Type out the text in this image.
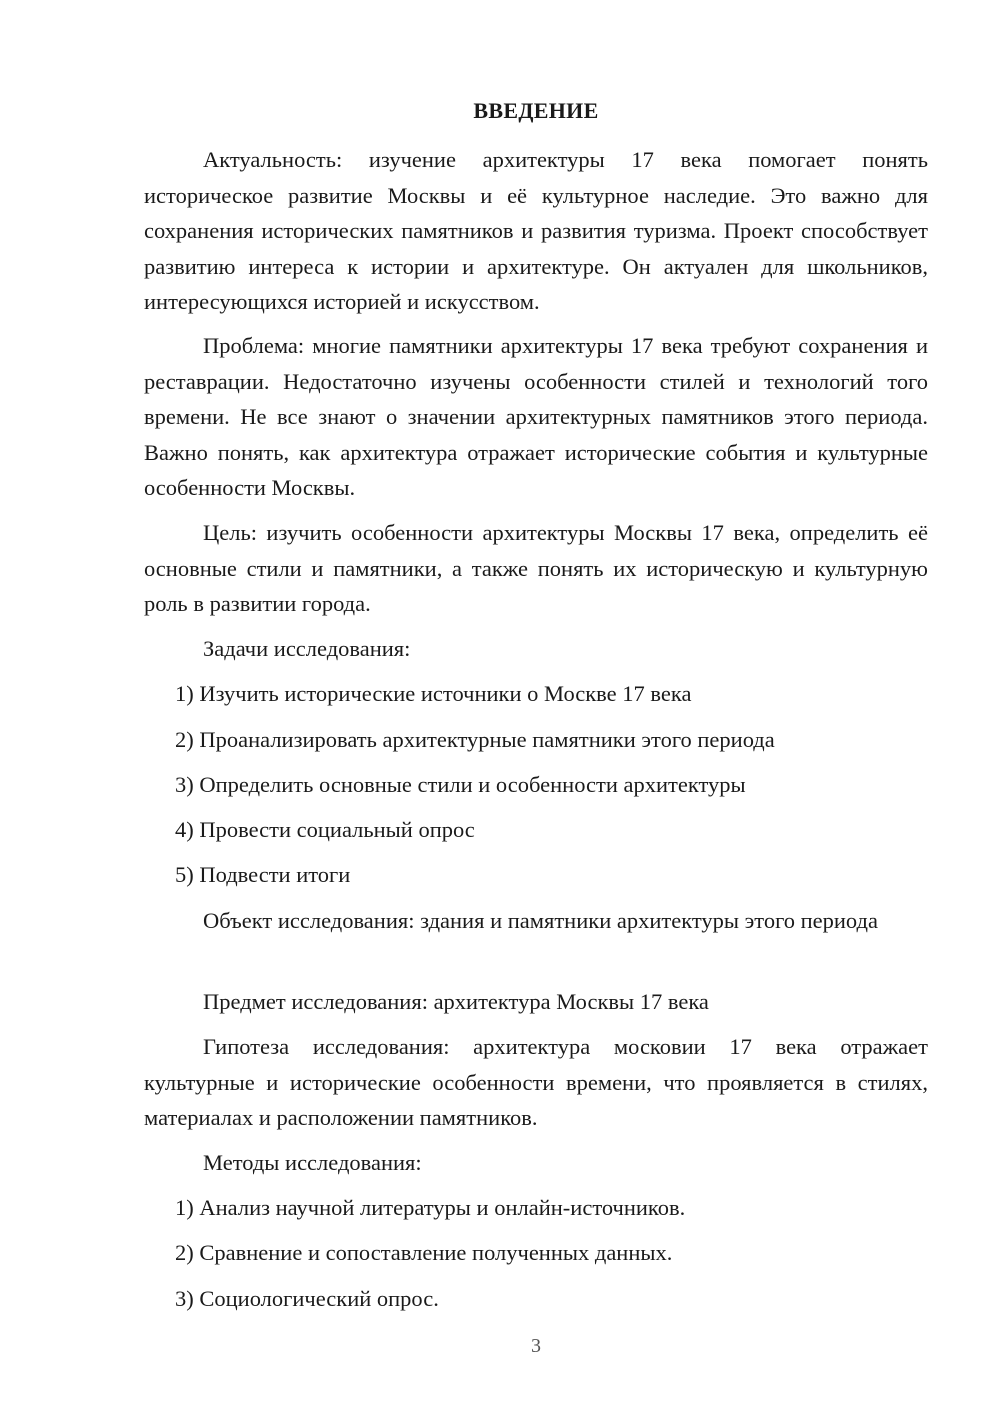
ВВЕДЕНИЕ
Актуальность: изучение архитектуры 17 века помогает понять историческое развитие Москвы и её культурное наследие. Это важно для сохранения исторических памятников и развития туризма. Проект способствует развитию интереса к истории и архитектуре. Он актуален для школьников, интересующихся историей и искусством.
Проблема: многие памятники архитектуры 17 века требуют сохранения и реставрации. Недостаточно изучены особенности стилей и технологий того времени. Не все знают о значении архитектурных памятников этого периода. Важно понять, как архитектура отражает исторические события и культурные особенности Москвы.
Цель: изучить особенности архитектуры Москвы 17 века, определить её основные стили и памятники, а также понять их историческую и культурную роль в развитии города.
Задачи исследования:
1) Изучить исторические источники о Москве 17 века
2) Проанализировать архитектурные памятники этого периода
3) Определить основные стили и особенности архитектуры
4) Провести социальный опрос
5) Подвести итоги
Объект исследования: здания и памятники архитектуры этого периода
Предмет исследования: архитектура Москвы 17 века
Гипотеза исследования: архитектура московии 17 века отражает культурные и исторические особенности времени, что проявляется в стилях, материалах и расположении памятников.
Методы исследования:
1) Анализ научной литературы и онлайн-источников.
2) Сравнение и сопоставление полученных данных.
3) Социологический опрос.
3
